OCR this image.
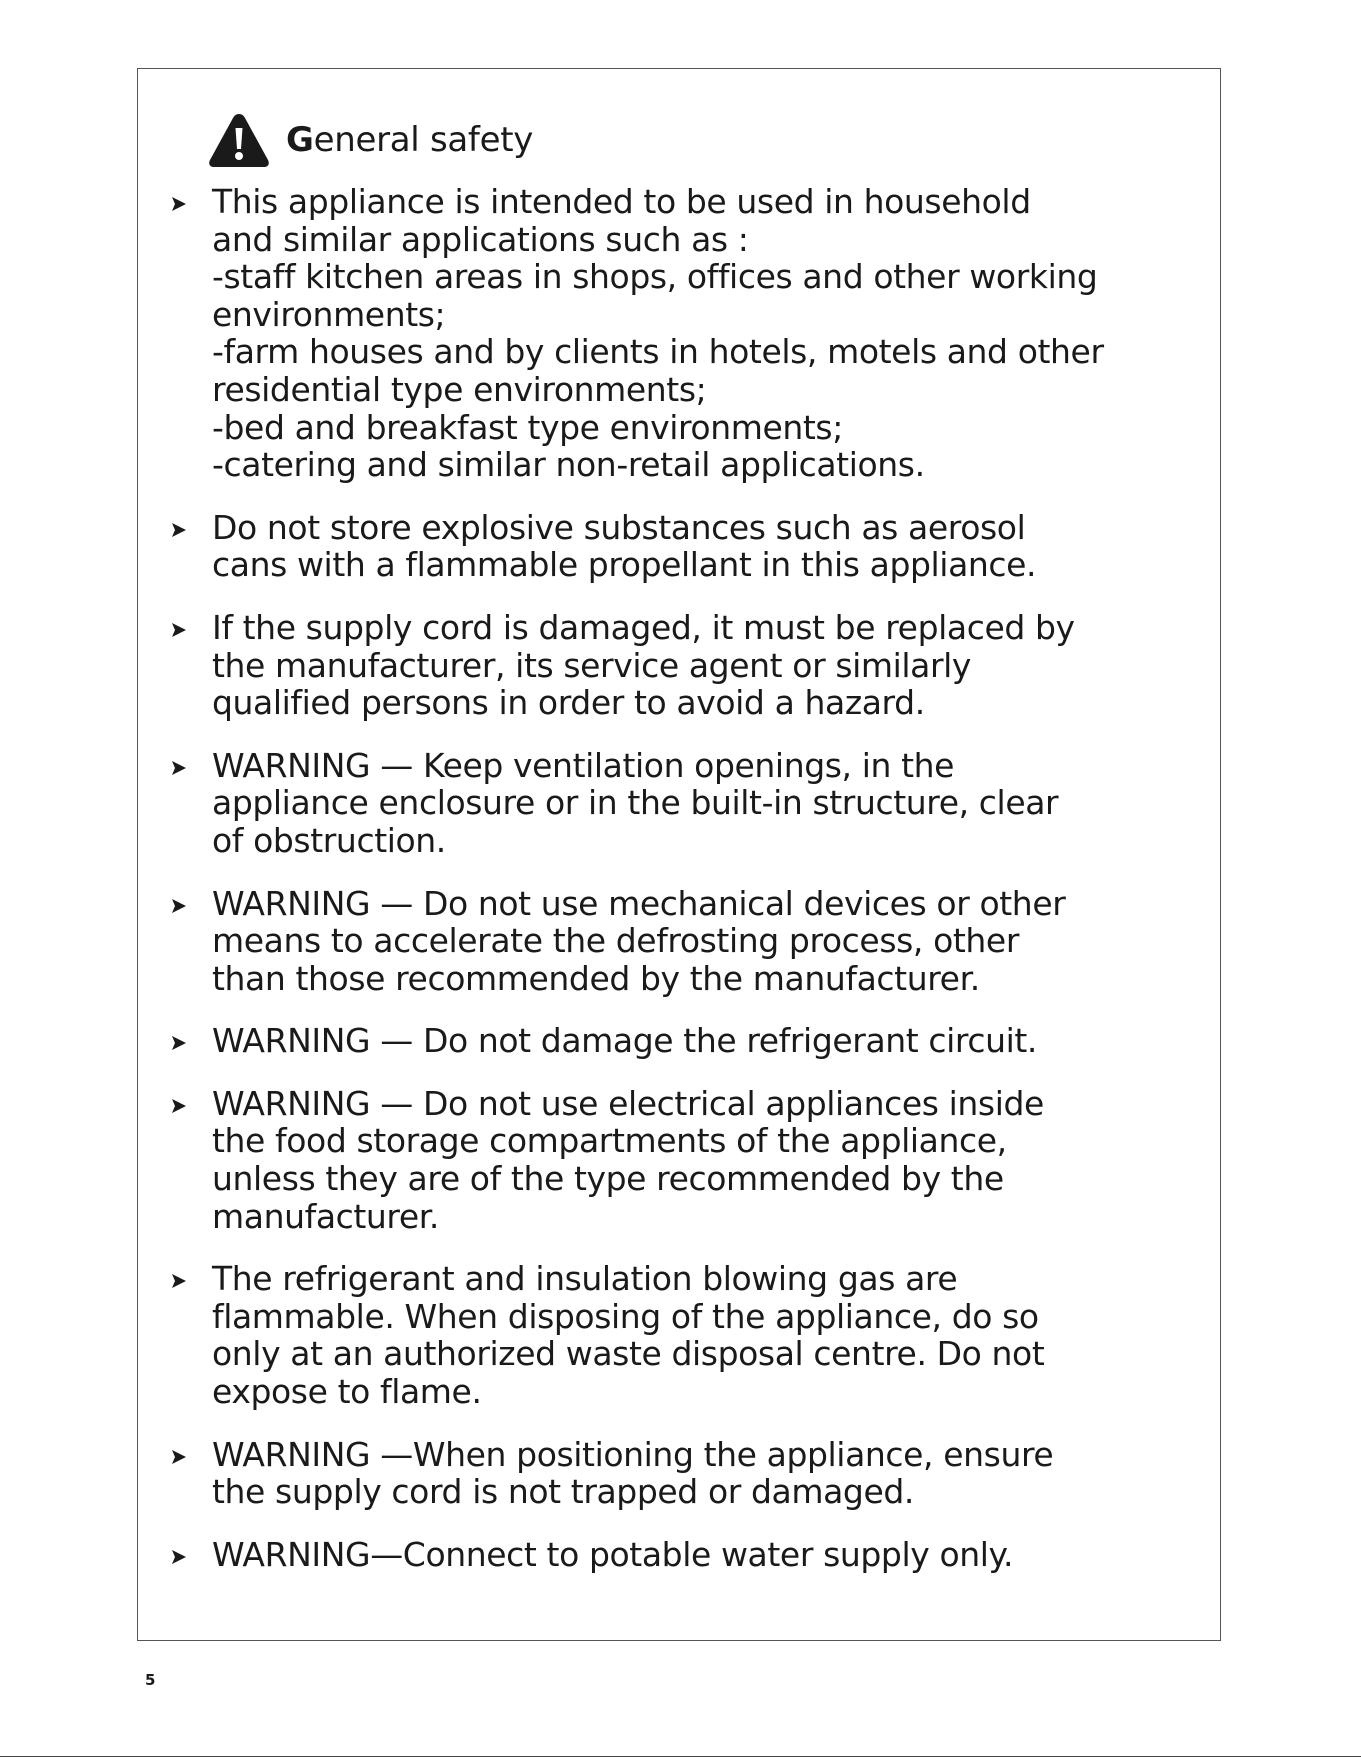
General safety
This appliance is intended to be used in household
and similar applications such as :
-staff kitchen areas in shops, offices and other working
environments;
-farm houses and by clients in hotels, motels and other
residential type environments;
-bed and breakfast type environments;
-catering and similar non-retail applications.
Do not store explosive substances such as aerosol
cans with a flammable propellant in this appliance.
If the supply cord is damaged, it must be replaced by
the manufacturer, its service agent or similarly
qualified persons in order to avoid a hazard.
WARNING — Keep ventilation openings, in the
appliance enclosure or in the built-in structure, clear
of obstruction.
WARNING — Do not use mechanical devices or other
means to accelerate the defrosting process, other
than those recommended by the manufacturer.
WARNING — Do not damage the refrigerant circuit.
WARNING — Do not use electrical appliances inside
the food storage compartments of the appliance,
unless they are of the type recommended by the
manufacturer.
The refrigerant and insulation blowing gas are
flammable. When disposing of the appliance, do so
only at an authorized waste disposal centre. Do not
expose to flame.
WARNING —When positioning the appliance, ensure
the supply cord is not trapped or damaged.
WARNING—Connect to potable water supply only.
5
